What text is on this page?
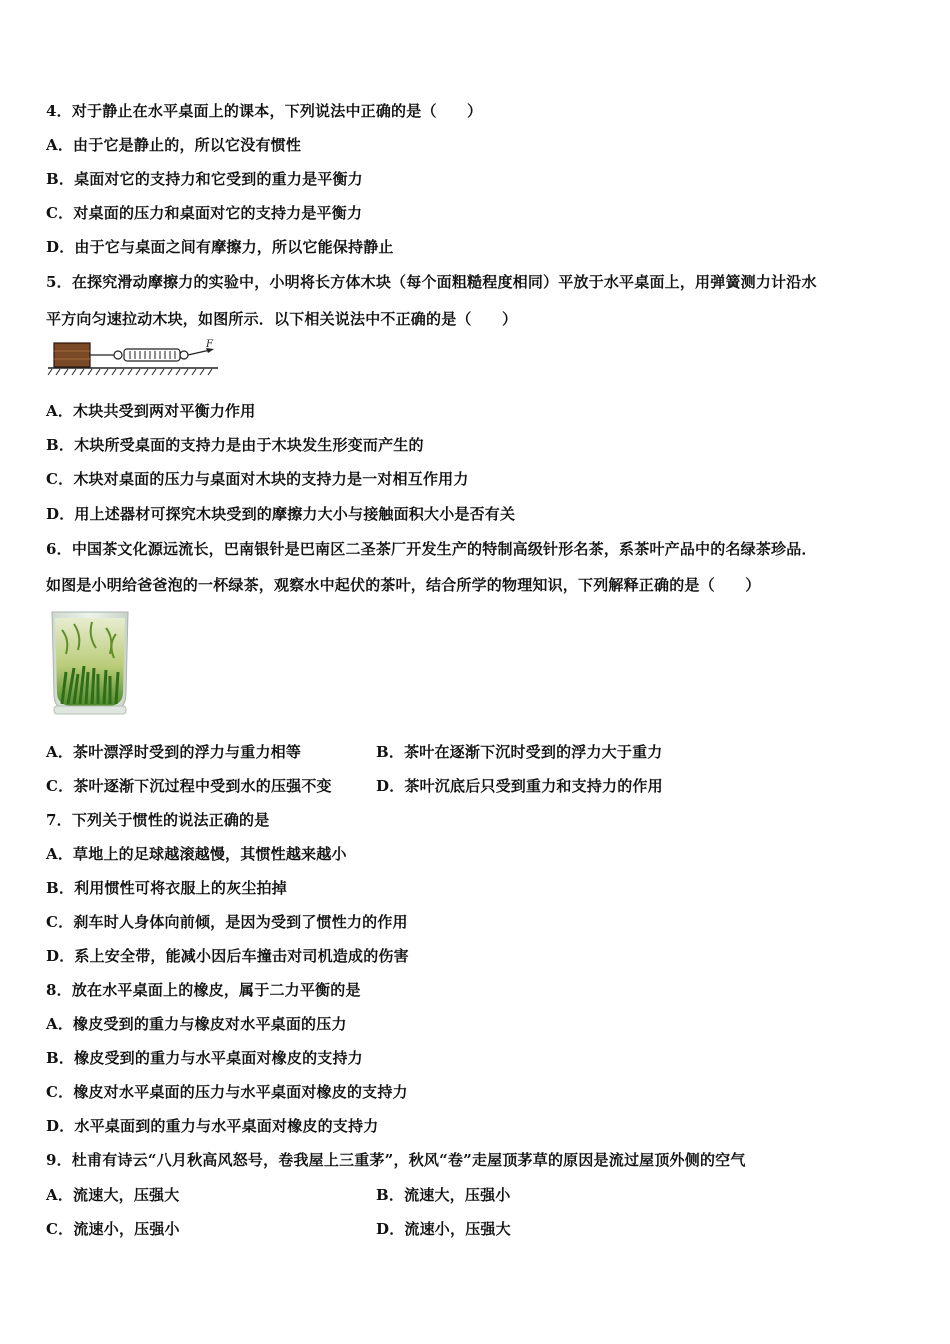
4．对于静止在水平桌面上的课本，下列说法中正确的是（　　）
A．由于它是静止的，所以它没有惯性
B．桌面对它的支持力和它受到的重力是平衡力
C．对桌面的压力和桌面对它的支持力是平衡力
D．由于它与桌面之间有摩擦力，所以它能保持静止
5．在探究滑动摩擦力的实验中，小明将长方体木块（每个面粗糙程度相同）平放于水平桌面上，用弹簧测力计沿水
平方向匀速拉动木块，如图所示．以下相关说法中不正确的是（　　）
F
A．木块共受到两对平衡力作用
B．木块所受桌面的支持力是由于木块发生形变而产生的
C．木块对桌面的压力与桌面对木块的支持力是一对相互作用力
D．用上述器材可探究木块受到的摩擦力大小与接触面积大小是否有关
6．中国茶文化源远流长，巴南银针是巴南区二圣茶厂开发生产的特制高级针形名茶，系茶叶产品中的名绿茶珍品．
如图是小明给爸爸泡的一杯绿茶，观察水中起伏的茶叶，结合所学的物理知识，下列解释正确的是（　　）
A．茶叶漂浮时受到的浮力与重力相等	B．茶叶在逐渐下沉时受到的浮力大于重力
C．茶叶逐渐下沉过程中受到水的压强不变	D．茶叶沉底后只受到重力和支持力的作用
7．下列关于惯性的说法正确的是
A．草地上的足球越滚越慢，其惯性越来越小
B．利用惯性可将衣服上的灰尘拍掉
C．刹车时人身体向前倾，是因为受到了惯性力的作用
D．系上安全带，能减小因后车撞击对司机造成的伤害
8．放在水平桌面上的橡皮，属于二力平衡的是
A．橡皮受到的重力与橡皮对水平桌面的压力
B．橡皮受到的重力与水平桌面对橡皮的支持力
C．橡皮对水平桌面的压力与水平桌面对橡皮的支持力
D．水平桌面到的重力与水平桌面对橡皮的支持力
9．杜甫有诗云“八月秋高风怒号，卷我屋上三重茅”，秋风“卷”走屋顶茅草的原因是流过屋顶外侧的空气
A．流速大，压强大	B．流速大，压强小
C．流速小，压强小	D．流速小，压强大
